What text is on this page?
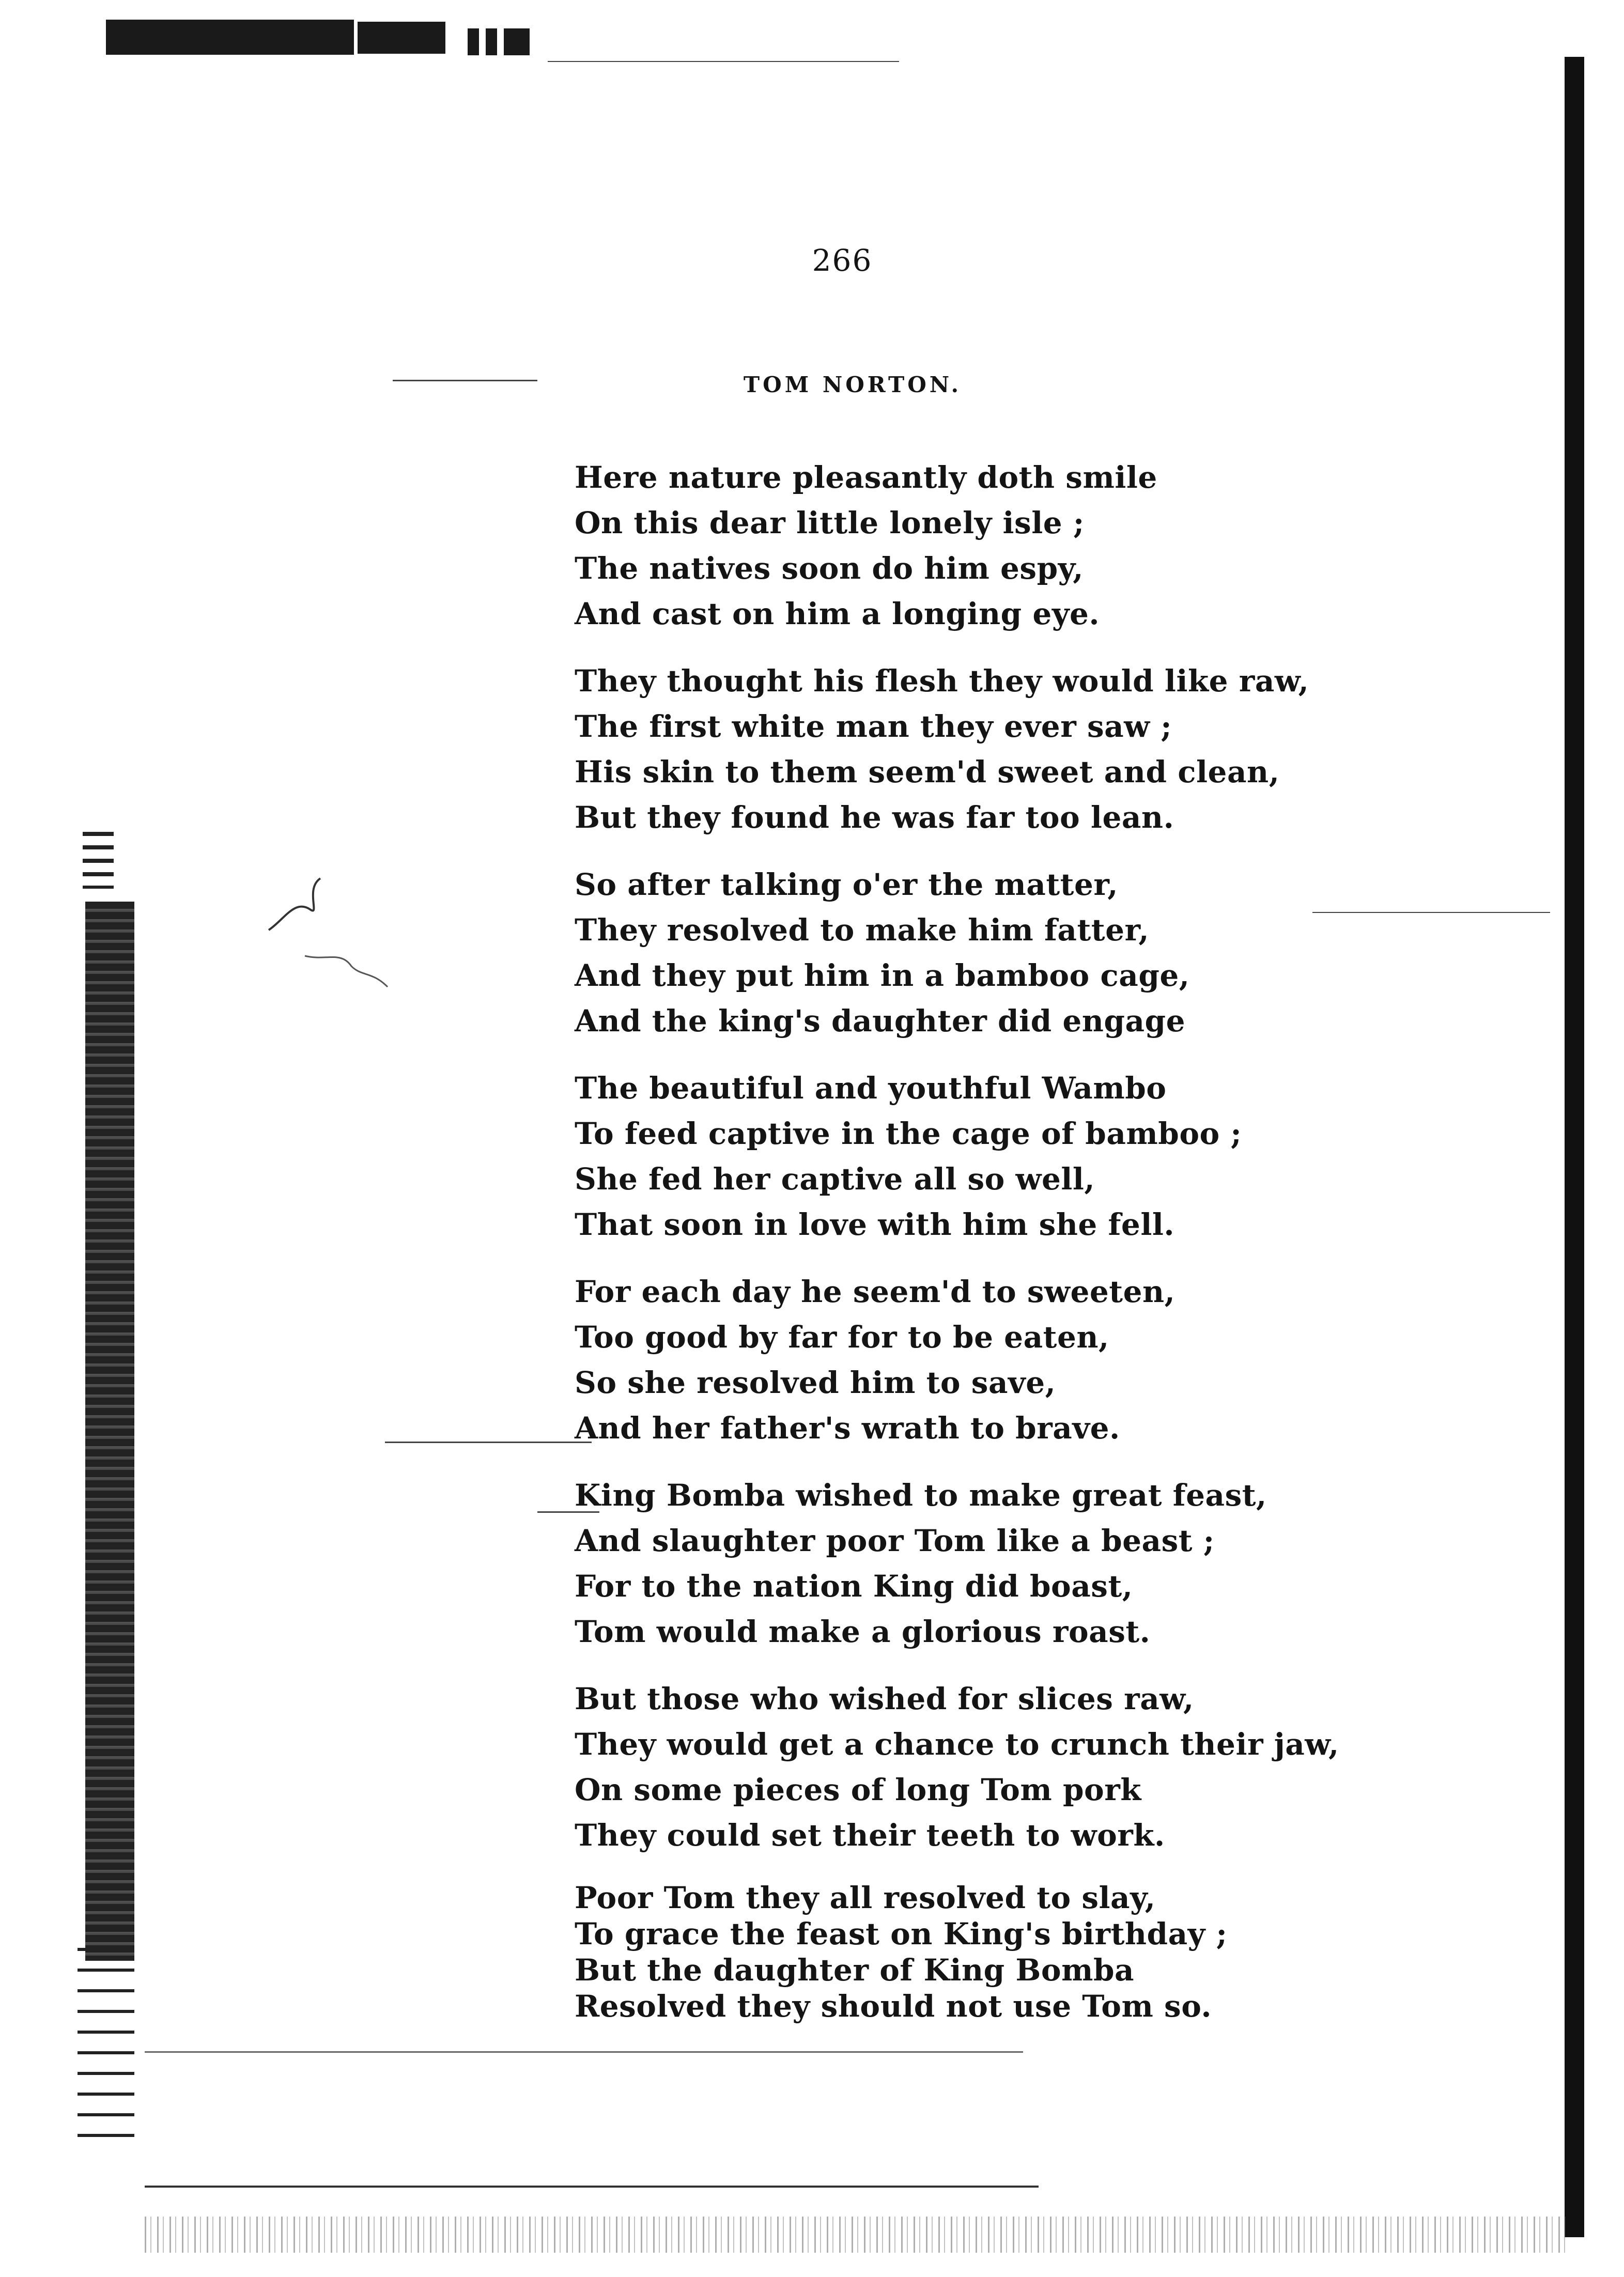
266
TOM NORTON.
Here nature pleasantly doth smile
On this dear little lonely isle ;
The natives soon do him espy,
And cast on him a longing eye.
They thought his flesh they would like raw,
The first white man they ever saw ;
His skin to them seem'd sweet and clean,
But they found he was far too lean.
So after talking o'er the matter,
They resolved to make him fatter,
And they put him in a bamboo cage,
And the king's daughter did engage
The beautiful and youthful Wambo
To feed captive in the cage of bamboo ;
She fed her captive all so well,
That soon in love with him she fell.
For each day he seem'd to sweeten,
Too good by far for to be eaten,
So she resolved him to save,
And her father's wrath to brave.
King Bomba wished to make great feast,
And slaughter poor Tom like a beast ;
For to the nation King did boast,
Tom would make a glorious roast.
But those who wished for slices raw,
They would get a chance to crunch their jaw,
On some pieces of long Tom pork
They could set their teeth to work.
Poor Tom they all resolved to slay,
To grace the feast on King's birthday ;
But the daughter of King Bomba
Resolved they should not use Tom so.
